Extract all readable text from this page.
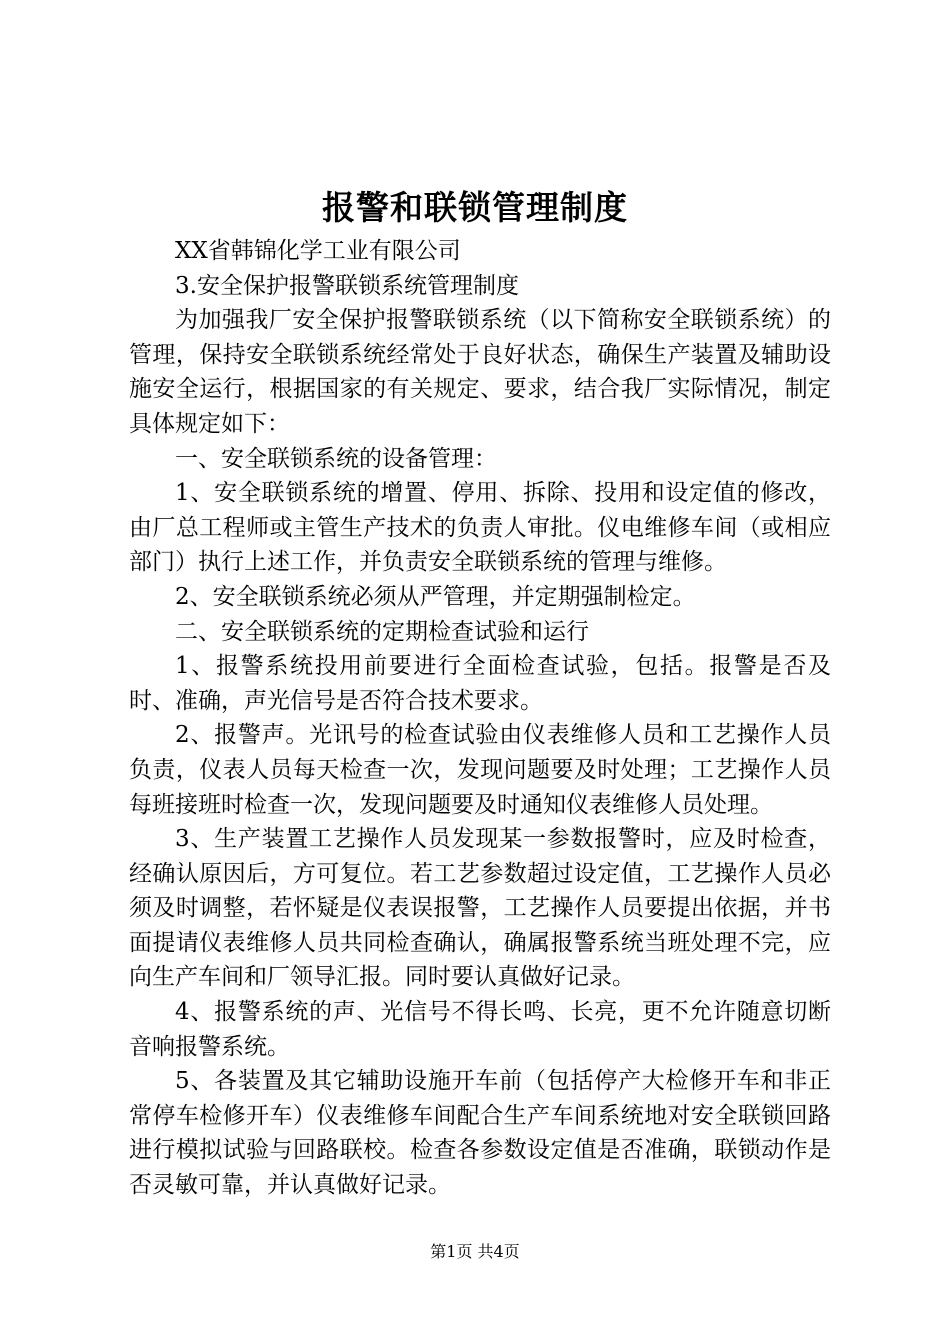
报警和联锁管理制度

XX省韩锦化学工业有限公司

3.安全保护报警联锁系统管理制度

为加强我厂安全保护报警联锁系统（以下简称安全联锁系统）的管理，保持安全联锁系统经常处于良好状态，确保生产装置及辅助设施安全运行，根据国家的有关规定、要求，结合我厂实际情况，制定具体规定如下：

一、安全联锁系统的设备管理：

1、安全联锁系统的增置、停用、拆除、投用和设定值的修改，由厂总工程师或主管生产技术的负责人审批。仪电维修车间（或相应部门）执行上述工作，并负责安全联锁系统的管理与维修。

2、安全联锁系统必须从严管理，并定期强制检定。

二、安全联锁系统的定期检查试验和运行

1、报警系统投用前要进行全面检查试验，包括。报警是否及时、准确，声光信号是否符合技术要求。

2、报警声。光讯号的检查试验由仪表维修人员和工艺操作人员负责，仪表人员每天检查一次，发现问题要及时处理；工艺操作人员每班接班时检查一次，发现问题要及时通知仪表维修人员处理。

3、生产装置工艺操作人员发现某一参数报警时，应及时检查，经确认原因后，方可复位。若工艺参数超过设定值，工艺操作人员必须及时调整，若怀疑是仪表误报警，工艺操作人员要提出依据，并书面提请仪表维修人员共同检查确认，确属报警系统当班处理不完，应向生产车间和厂领导汇报。同时要认真做好记录。

4、报警系统的声、光信号不得长鸣、长亮，更不允许随意切断音响报警系统。

5、各装置及其它辅助设施开车前（包括停产大检修开车和非正常停车检修开车）仪表维修车间配合生产车间系统地对安全联锁回路进行模拟试验与回路联校。检查各参数设定值是否准确，联锁动作是否灵敏可靠，并认真做好记录。

第1页 共4页
